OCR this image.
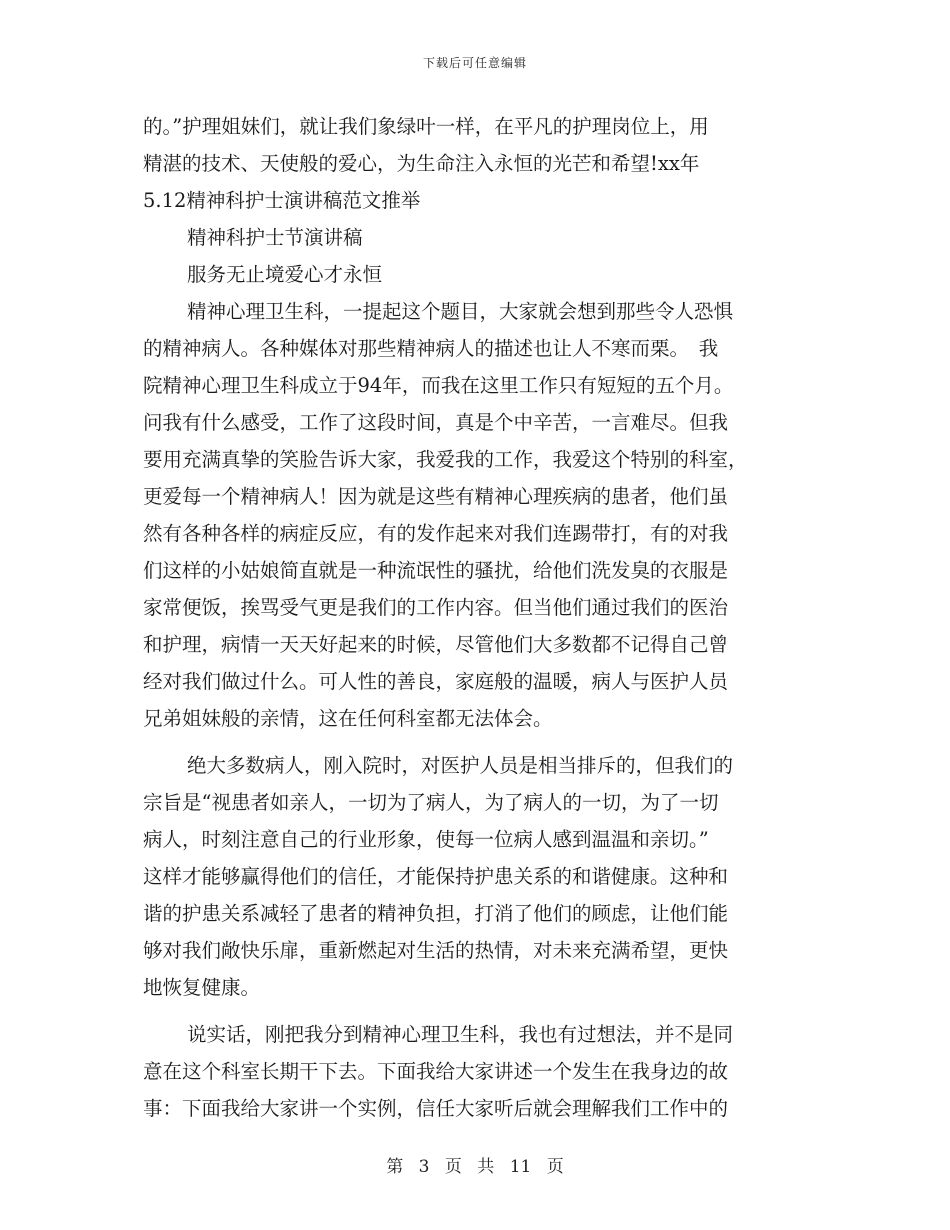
下载后可任意编辑
的。”护理姐妹们，就让我们象绿叶一样，在平凡的护理岗位上，用
精湛的技术、天使般的爱心，为生命注入永恒的光芒和希望!xx年
5.12精神科护士演讲稿范文推举
精神科护士节演讲稿
服务无止境爱心才永恒
精神心理卫生科，一提起这个题目，大家就会想到那些令人恐惧
的精神病人。各种媒体对那些精神病人的描述也让人不寒而栗。　我
院精神心理卫生科成立于94年，而我在这里工作只有短短的五个月。
问我有什么感受，工作了这段时间，真是个中辛苦，一言难尽。但我
要用充满真挚的笑脸告诉大家，我爱我的工作，我爱这个特别的科室，
更爱每一个精神病人！因为就是这些有精神心理疾病的患者，他们虽
然有各种各样的病症反应，有的发作起来对我们连踢带打，有的对我
们这样的小姑娘简直就是一种流氓性的骚扰，给他们洗发臭的衣服是
家常便饭，挨骂受气更是我们的工作内容。但当他们通过我们的医治
和护理，病情一天天好起来的时候，尽管他们大多数都不记得自己曾
经对我们做过什么。可人性的善良，家庭般的温暖，病人与医护人员
兄弟姐妹般的亲情，这在任何科室都无法体会。
绝大多数病人，刚入院时，对医护人员是相当排斥的，但我们的
宗旨是“视患者如亲人，一切为了病人，为了病人的一切，为了一切
病人，时刻注意自己的行业形象，使每一位病人感到温温和亲切。”
这样才能够赢得他们的信任，才能保持护患关系的和谐健康。这种和
谐的护患关系减轻了患者的精神负担，打消了他们的顾虑，让他们能
够对我们敞快乐扉，重新燃起对生活的热情，对未来充满希望，更快
地恢复健康。
说实话，刚把我分到精神心理卫生科，我也有过想法，并不是同
意在这个科室长期干下去。下面我给大家讲述一个发生在我身边的故
事：下面我给大家讲一个实例，信任大家听后就会理解我们工作中的
第 3 页 共 11 页
